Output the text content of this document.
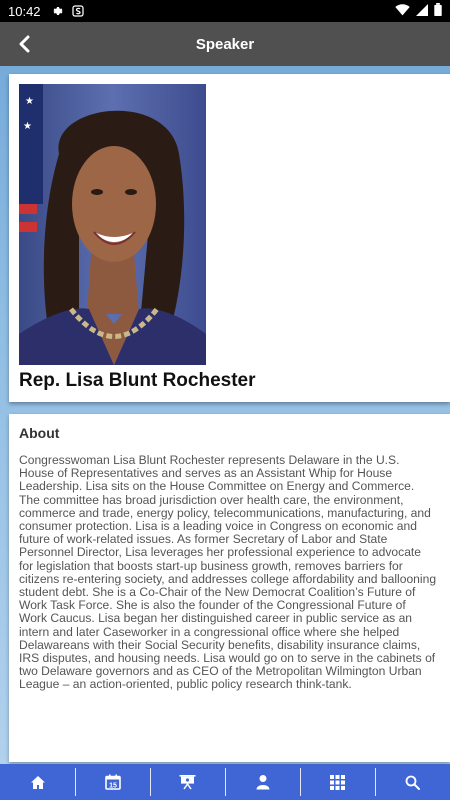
10:42
Speaker
★
★
Rep. Lisa Blunt Rochester
About
Congresswoman Lisa Blunt Rochester represents Delaware in the U.S. House of Representatives and serves as an Assistant Whip for House Leadership. Lisa sits on the House Committee on Energy and Commerce. The committee has broad jurisdiction over health care, the environment, commerce and trade, energy policy, telecommunications, manufacturing, and consumer protection. Lisa is a leading voice in Congress on economic and future of work-related issues. As former Secretary of Labor and State Personnel Director, Lisa leverages her professional experience to advocate for legislation that boosts start-up business growth, removes barriers for citizens re-entering society, and addresses college affordability and ballooning student debt. She is a Co-Chair of the New Democrat Coalition’s Future of Work Task Force. She is also the founder of the Congressional Future of Work Caucus. Lisa began her distinguished career in public service as an intern and later Caseworker in a congressional office where she helped Delawareans with their Social Security benefits, disability insurance claims, IRS disputes, and housing needs. Lisa would go on to serve in the cabinets of two Delaware governors and as CEO of the Metropolitan Wilmington Urban League – an action-oriented, public policy research think-tank.
15
